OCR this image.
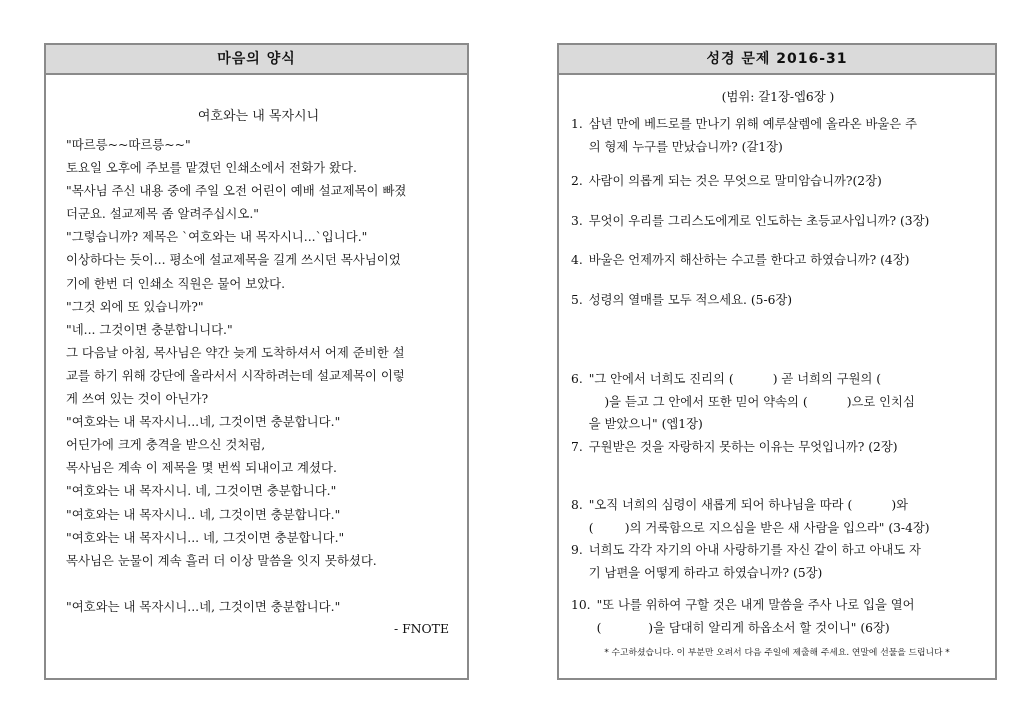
마음의 양식
여호와는 내 목자시니
"따르릉~~따르릉~~"
토요일 오후에 주보를 맡겼던 인쇄소에서 전화가 왔다.
"목사님 주신 내용 중에 주일 오전 어린이 예배 설교제목이 빠졌
더군요. 설교제목 좀 알려주십시오."
"그렇습니까? 제목은 `여호와는 내 목자시니...`입니다."
이상하다는 듯이... 평소에 설교제목을 길게 쓰시던 목사님이었
기에 한번 더 인쇄소 직원은 물어 보았다.
"그것 외에 또 있습니까?"
"네... 그것이면 충분합니니다."
그 다음날 아침, 목사님은 약간 늦게 도착하셔서 어제 준비한 설
교를 하기 위해 강단에 올라서서 시작하려는데 설교제목이 이렇
게 쓰여 있는 것이 아닌가?
"여호와는 내 목자시니...네, 그것이면 충분합니다."
어딘가에 크게 충격을 받으신 것처럼,
목사님은 계속 이 제목을 몇 번씩 되내이고 계셨다.
"여호와는 내 목자시니. 네, 그것이면 충분합니다."
"여호와는 내 목자시니.. 네, 그것이면 충분합니다."
"여호와는 내 목자시니... 네, 그것이면 충분합니다."
목사님은 눈물이 계속 흘러 더 이상 말씀을 잇지 못하셨다.
"여호와는 내 목자시니...네, 그것이면 충분합니다."
- FNOTE
성경 문제 2016-31
(범위: 갈1장-엡6장 )
1. 삼년 만에 베드로를 만나기 위해 예루살렘에 올라온 바울은 주
의 형제 누구를 만났습니까? (갈1장)
2. 사람이 의롭게 되는 것은 무엇으로 말미암습니까?(2장)
3. 무엇이 우리를 그리스도에게로 인도하는 초등교사입니까? (3장)
4. 바울은 언제까지 해산하는 수고를 한다고 하였습니까? (4장)
5. 성령의 열매를 모두 적으세요. (5-6장)
6. "그 안에서 너희도 진리의 (          ) 곧 너희의 구원의 (
)을 듣고 그 안에서 또한 믿어 약속의 (          )으로 인치심
을 받았으니" (엡1장)
7. 구원받은 것을 자랑하지 못하는 이유는 무엇입니까? (2장)
8. "오직 너희의 심령이 새롭게 되어 하나님을 따라 (          )와
(        )의 거룩함으로 지으심을 받은 새 사람을 입으라" (3-4장)
9. 너희도 각각 자기의 아내 사랑하기를 자신 같이 하고 아내도 자
기 남편을 어떻게 하라고 하였습니까? (5장)
10. "또 나를 위하여 구할 것은 내게 말씀을 주사 나로 입을 열어
(            )을 담대히 알리게 하옵소서 할 것이니" (6장)
* 수고하셨습니다. 이 부분만 오려서 다음 주일에 제출해 주세요. 연말에 선물을 드립니다 *
